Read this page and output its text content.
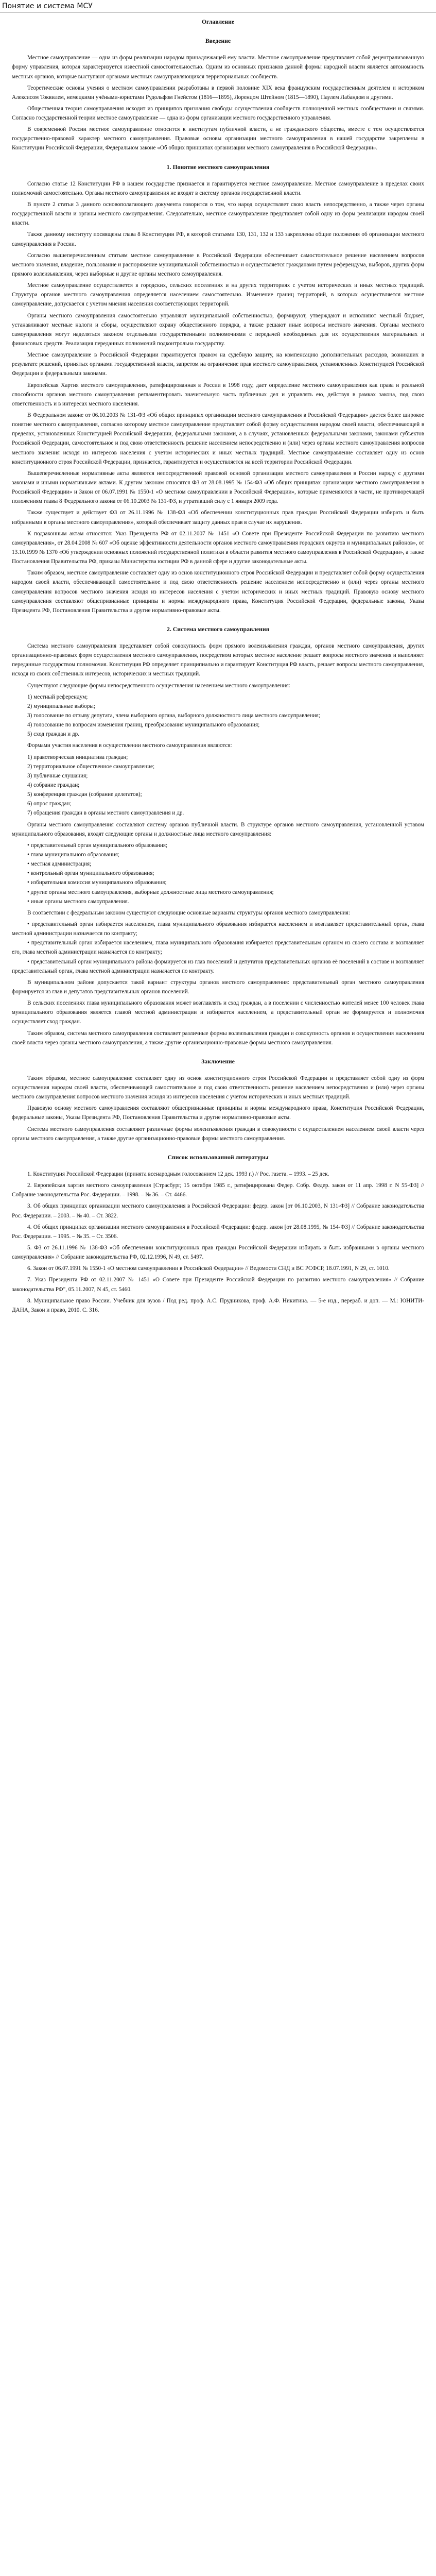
Понятие и система МСУ
Оглавление
Введение

Местное самоуправление — одна из форм реализации народом принадлежащей ему власти. Местное самоуправление представляет собой децентрализованную форму управления, которая характеризуется известной самостоятельностью. Одним из основных признаков данной формы народной власти является автономность местных органов, которые выступают органами местных самоуправляющихся территориальных сообществ.

Теоретические основы учения о местном самоуправлении разработаны в первой половине XIX века французским государственным деятелем и историком Алексисом Токвилем, немецкими учёными-юристами Рудольфом Гнейстом (1816—1895), Лоренцом Штейном (1815—1890), Паулем Лабандом и другими.

Общественная теория самоуправления исходит из принципов признания свободы осуществления сообществ полноценной местных сообществами и связями. Согласно государственной теории местное самоуправление — одна из форм организации местного государственного управления.

В современной России местное самоуправление относится к институтам публичной власти, а не гражданского общества, вместе с тем осуществляется государственно-правовой характер местного самоуправления. Правовые основы организации местного самоуправления в нашей государстве закреплены в Конституции Российской Федерации, Федеральном законе «Об общих принципах организации местного самоуправления в Российской Федерации».

1. Понятие местного самоуправления

Согласно статье 12 Конституции РФ в нашем государстве признается и гарантируется местное самоуправление. Местное самоуправление в пределах своих полномочий самостоятельно. Органы местного самоуправления не входят в систему органов государственной власти.

В пункте 2 статьи 3 данного основополагающего документа говорится о том, что народ осуществляет свою власть непосредственно, а также через органы государственной власти и органы местного самоуправления. Следовательно, местное самоуправление представляет собой одну из форм реализации народом своей власти.

Также данному институту посвящены глава 8 Конституции РФ, в которой статьями 130, 131, 132 и 133 закреплены общие положения об организации местного самоуправления в России.

Согласно вышеперечисленным статьям местное самоуправление в Российской Федерации обеспечивает самостоятельное решение населением вопросов местного значения, владение, пользование и распоряжение муниципальной собственностью и осуществляется гражданами путем референдума, выборов, других форм прямого волеизъявления, через выборные и другие органы местного самоуправления.

Местное самоуправление осуществляется в городских, сельских поселениях и на других территориях с учетом исторических и иных местных традиций. Структура органов местного самоуправления определяется населением самостоятельно. Изменение границ территорий, в которых осуществляется местное самоуправление, допускается с учетом мнения населения соответствующих территорий.

Органы местного самоуправления самостоятельно управляют муниципальной собственностью, формируют, утверждают и исполняют местный бюджет, устанавливают местные налоги и сборы, осуществляют охрану общественного порядка, а также решают иные вопросы местного значения. Органы местного самоуправления могут наделяться законом отдельными государственными полномочиями с передачей необходимых для их осуществления материальных и финансовых средств. Реализация переданных полномочий подконтрольна государству.

Местное самоуправление в Российской Федерации гарантируется правом на судебную защиту, на компенсацию дополнительных расходов, возникших в результате решений, принятых органами государственной власти, запретом на ограничение прав местного самоуправления, установленных Конституцией Российской Федерации и федеральными законами.

Европейская Хартия местного самоуправления, ратифицированная в России в 1998 году, дает определение местного самоуправления как права и реальной способности органов местного самоуправления регламентировать значительную часть публичных дел и управлять ею, действуя в рамках закона, под свою ответственность и в интересах местного населения.

В Федеральном законе от 06.10.2003 № 131-ФЗ «Об общих принципах организации местного самоуправления в Российской Федерации» дается более широкое понятие местного самоуправления, согласно которому местное самоуправление представляет собой форму осуществления народом своей власти, обеспечивающей в пределах, установленных Конституцией Российской Федерации, федеральными законами, а в случаях, установленных федеральными законами, законами субъектов Российской Федерации, самостоятельное и под свою ответственность решение населением непосредственно и (или) через органы местного самоуправления вопросов местного значения исходя из интересов населения с учетом исторических и иных местных традиций. Местное самоуправление составляет одну из основ конституционного строя Российской Федерации, признается, гарантируется и осуществляется на всей территории Российской Федерации.

Вышеперечисленные нормативные акты являются непосредственной правовой основой организации местного самоуправления в России наряду с другими законами и иными нормативными актами. К другим законам относятся ФЗ от 28.08.1995 № 154-ФЗ «Об общих принципах организации местного самоуправления в Российской Федерации» и Закон от 06.07.1991 № 1550-1 «О местном самоуправлении в Российской Федерации», которые применяются в части, не противоречащей положениям главы 8 Федерального закона от 06.10.2003 № 131-ФЗ, и утративший силу с 1 января 2009 года.

Также существует и действует ФЗ от 26.11.1996 № 138-ФЗ «Об обеспечении конституционных прав граждан Российской Федерации избирать и быть избранными в органы местного самоуправления», который обеспечивает защиту данных прав в случае их нарушения.

К подзаконным актам относятся: Указ Президента РФ от 02.11.2007 № 1451 «О Совете при Президенте Российской Федерации по развитию местного самоуправления», от 28.04.2008 № 607 «Об оценке эффективности деятельности органов местного самоуправления городских округов и муниципальных районов», от 13.10.1999 № 1370 «Об утверждении основных положений государственной политики в области развития местного самоуправления в Российской Федерации», а также Постановления Правительства РФ, приказы Министерства юстиции РФ в данной сфере и другие законодательные акты.

Таким образом, местное самоуправление составляет одну из основ конституционного строя Российской Федерации и представляет собой форму осуществления народом своей власти, обеспечивающей самостоятельное и под свою ответственность решение населением непосредственно и (или) через органы местного самоуправления вопросов местного значения исходя из интересов населения с учетом исторических и иных местных традиций. Правовую основу местного самоуправления составляют общепризнанные принципы и нормы международного права, Конституция Российской Федерации, федеральные законы, Указы Президента РФ, Постановления Правительства и другие нормативно-правовые акты.

2. Система местного самоуправления

Система местного самоуправления представляет собой совокупность форм прямого волеизъявления граждан, органов местного самоуправления, других организационно-правовых форм осуществления местного самоуправления, посредством которых местное население решает вопросы местного значения и выполняет переданные государством полномочия. Конституция РФ определяет принципиально и гарантирует Конституция РФ власть, решает вопросы местного самоуправления, исходя из своих собственных интересов, исторических и местных традиций.

Существуют следующие формы непосредственного осуществления населением местного самоуправления:

1) местный референдум;
2) муниципальные выборы;
3) голосование по отзыву депутата, члена выборного органа, выборного должностного лица местного самоуправления;
4) голосование по вопросам изменения границ, преобразования муниципального образования;
5) сход граждан и др.

Формами участия населения в осуществлении местного самоуправления являются:

1) правотворческая инициатива граждан;
2) территориальное общественное самоуправление;
3) публичные слушания;
4) собрание граждан;
5) конференция граждан (собрание делегатов);
6) опрос граждан;
7) обращения граждан в органы местного самоуправления и др.

Органы местного самоуправления составляют систему органов публичной власти. В структуре органов местного самоуправления, установленной уставом муниципального образования, входят следующие органы и должностные лица местного самоуправления:

• представительный орган муниципального образования;
• глава муниципального образования;
• местная администрация;
• контрольный орган муниципального образования;
• избирательная комиссия муниципального образования;
• другие органы местного самоуправления, выборные должностные лица местного самоуправления;
• иные органы местного самоуправления.

В соответствии с федеральным законом существуют следующие основные варианты структуры органов местного самоуправления:

• представительный орган избирается населением, глава муниципального образования избирается населением и возглавляет представительный орган, глава местной администрации назначается по контракту;
• представительный орган избирается населением, глава муниципального образования избирается представительным органом из своего состава и возглавляет его, глава местной администрации назначается по контракту;
• представительный орган муниципального района формируется из глав поселений и депутатов представительных органов её поселений в составе и возглавляет представительный орган, глава местной администрации назначается по контракту.

В муниципальном районе допускается такой вариант структуры органов местного самоуправления: представительный орган местного самоуправления формируется из глав и депутатов представительных органов поселений.

В сельских поселениях глава муниципального образования может возглавлять и сход граждан, а в поселении с численностью жителей менее 100 человек глава муниципального образования является главой местной администрации и избирается населением, а представительный орган не формируется и полномочия осуществляет сход граждан.

Таким образом, система местного самоуправления составляет различные формы волеизъявления граждан и совокупность органов и осуществления населением своей власти через органы местного самоуправления, а также другие организационно-правовые формы местного самоуправления.

Заключение

Таким образом, местное самоуправление составляет одну из основ конституционного строя Российской Федерации и представляет собой одну из форм осуществления народом своей власти, обеспечивающей самостоятельное и под свою ответственность решение населением непосредственно и (или) через органы местного самоуправления вопросов местного значения исходя из интересов населения с учетом исторических и иных местных традиций.

Правовую основу местного самоуправления составляют общепризнанные принципы и нормы международного права, Конституция Российской Федерации, федеральные законы, Указы Президента РФ, Постановления Правительства и другие нормативно-правовые акты.

Система местного самоуправления составляют различные формы волеизъявления граждан в совокупности с осуществлением населением своей власти через органы местного самоуправления, а также другие организационно-правовые формы местного самоуправления.

Список использованной литературы

1. Конституция Российской Федерации (принята всенародным голосованием 12 дек. 1993 г.) // Рос. газета. – 1993. – 25 дек.

2. Европейская хартия местного самоуправления [Страсбург, 15 октября 1985 г., ратифицирована Федер. Собр. Федер. закон от 11 апр. 1998 г. N 55-ФЗ] // Собрание законодательства Рос. Федерации. – 1998. – № 36. – Ст. 4466.

3. Об общих принципах организации местного самоуправления в Российской Федерации: федер. закон [от 06.10.2003, N 131-ФЗ] // Собрание законодательства Рос. Федерации. – 2003. – № 40. – Ст. 3822.

4. Об общих принципах организации местного самоуправления в Российской Федерации: федер. закон [от 28.08.1995, № 154-ФЗ] // Собрание законодательства Рос. Федерации. – 1995. – № 35. – Ст. 3506.

5. ФЗ от 26.11.1996 № 138-ФЗ «Об обеспечении конституционных прав граждан Российской Федерации избирать и быть избранными в органы местного самоуправления» // Собрание законодательства РФ, 02.12.1996, N 49, ст. 5497.

6. Закон от 06.07.1991 № 1550-1 «О местном самоуправлении в Российской Федерации» // Ведомости СНД и ВС РСФСР, 18.07.1991, N 29, ст. 1010.

7. Указ Президента РФ от 02.11.2007 № 1451 «О Совете при Президенте Российской Федерации по развитию местного самоуправления» // Собрание законодательства РФ", 05.11.2007, N 45, ст. 5460.

8. Муниципальное право России. Учебник для вузов / Под ред. проф. А.С. Прудникова, проф. А.Ф. Никитина. — 5-е изд., перераб. и доп. — М.: ЮНИТИ-ДАНА, Закон и право, 2010. С. 316.
